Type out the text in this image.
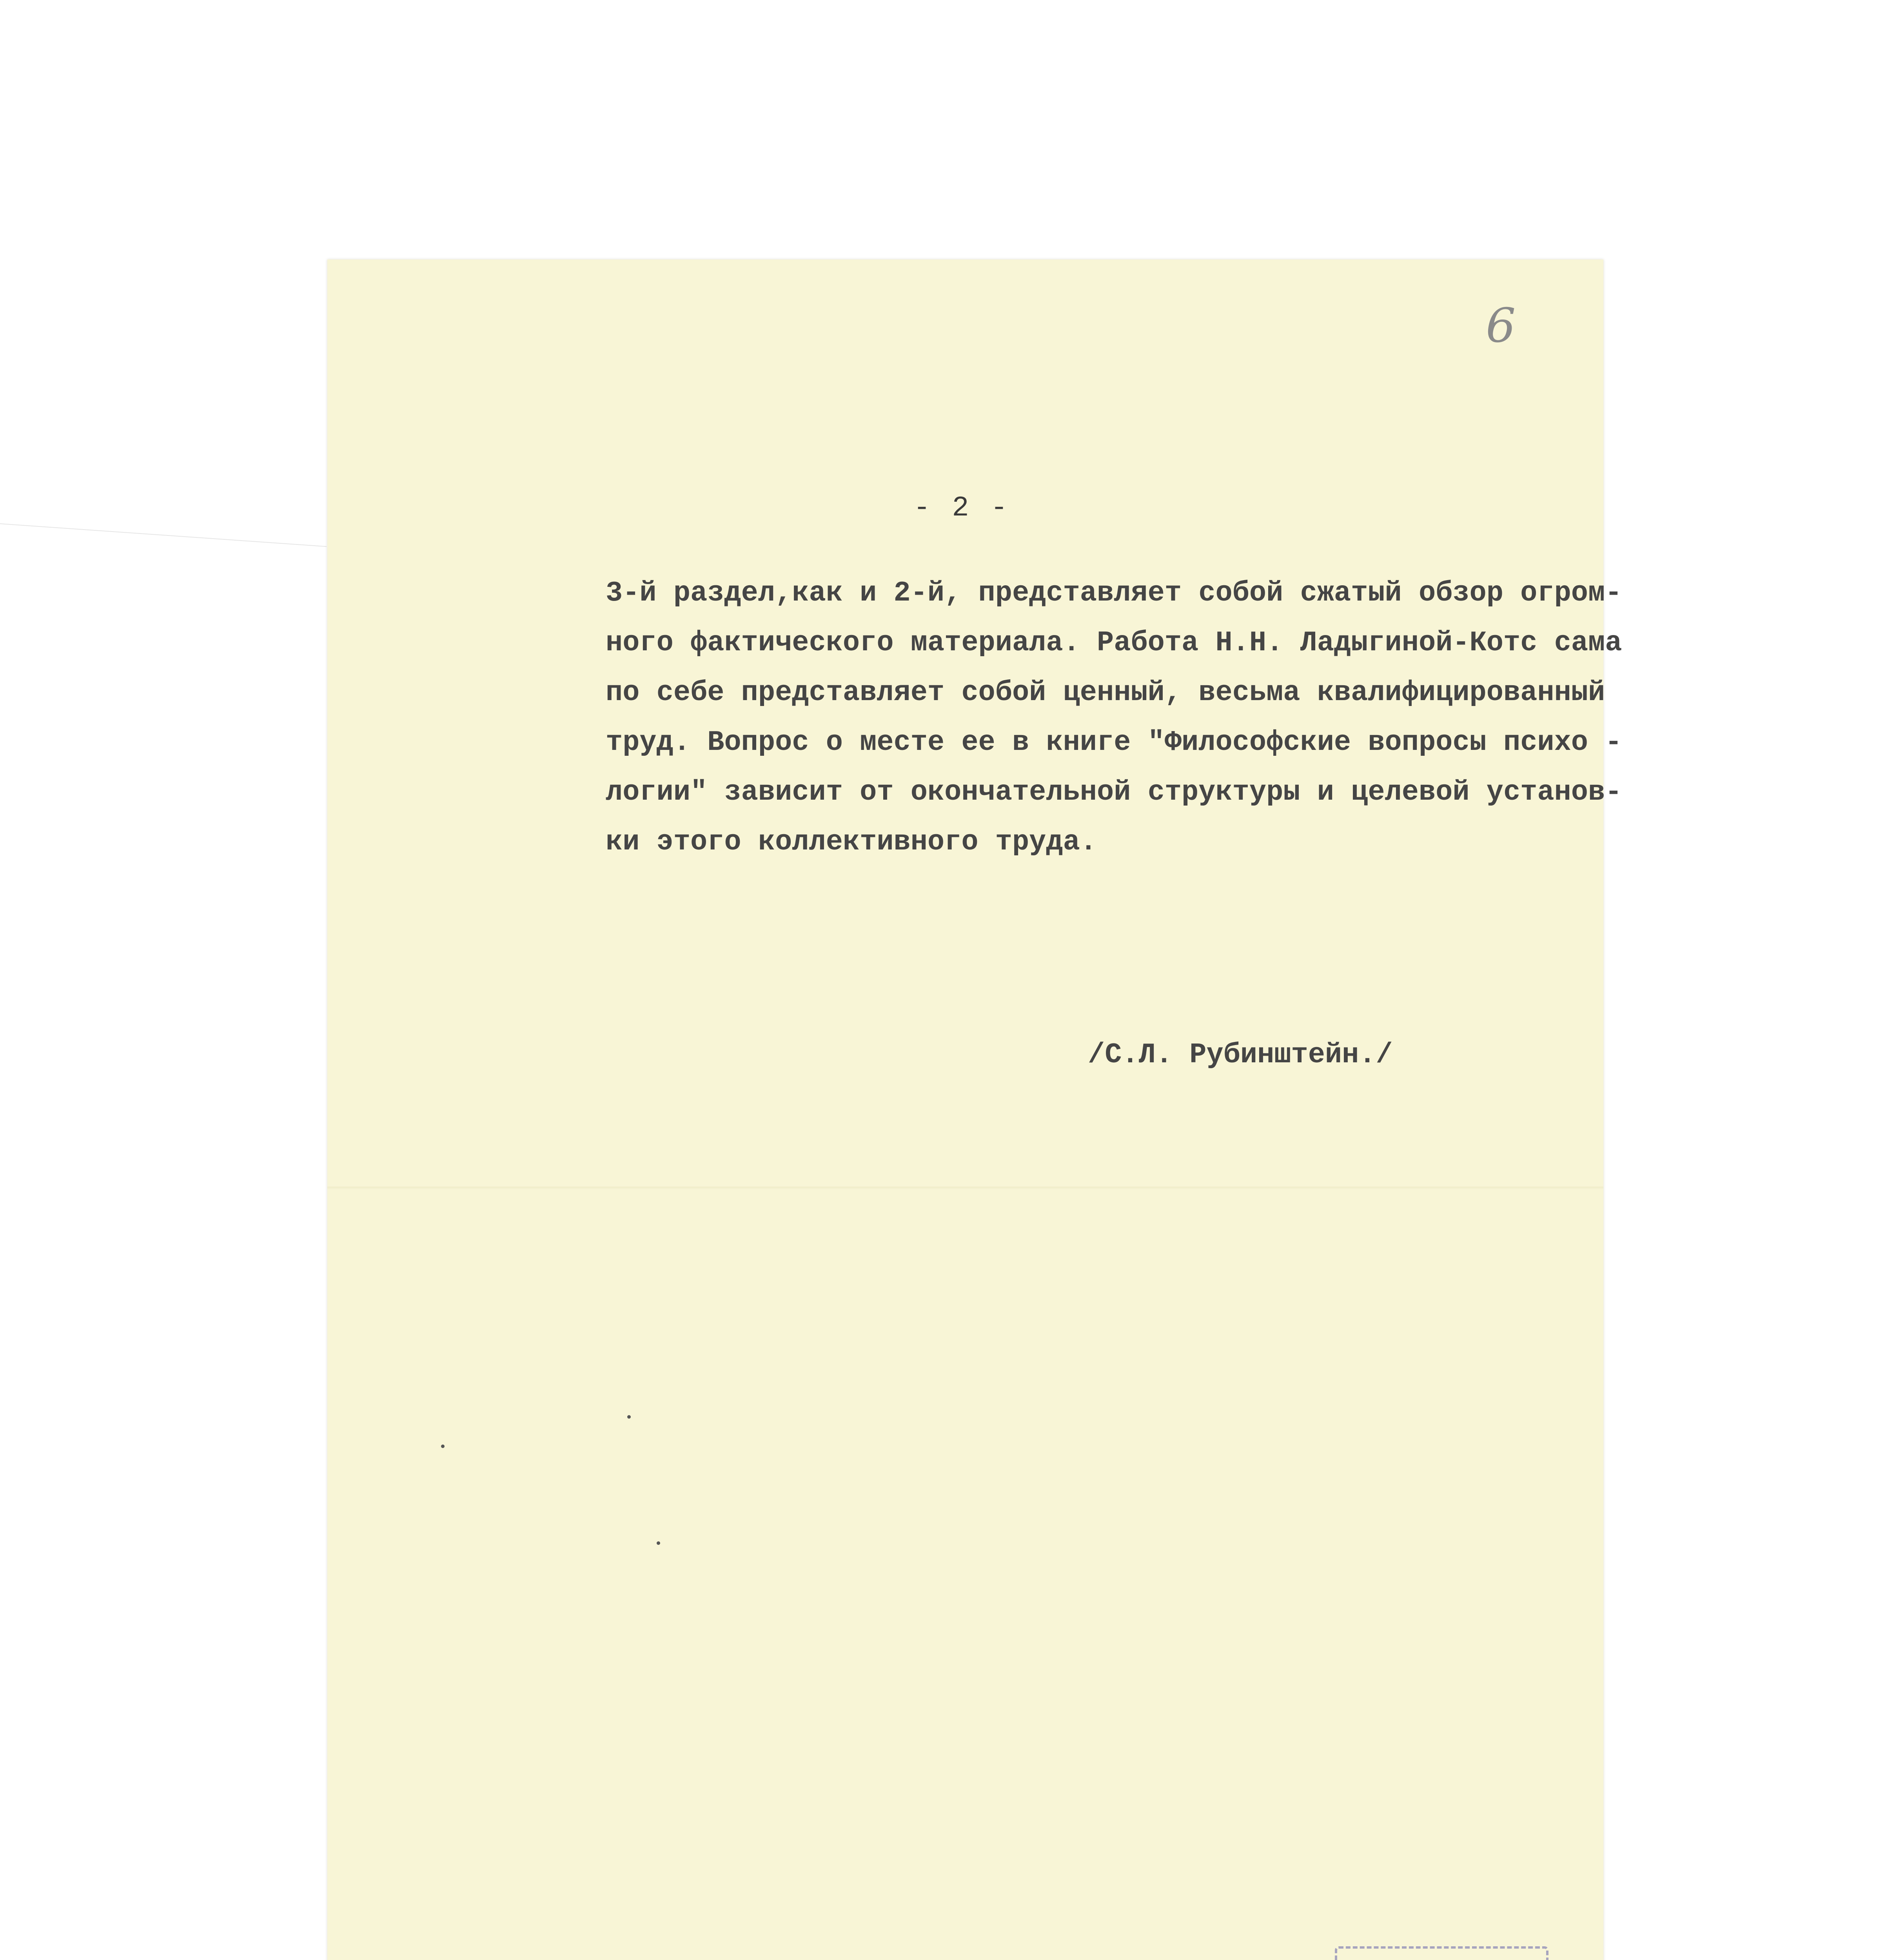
6
- 2 -
3-й раздел,как и 2-й, представляет собой сжатый обзор огром-
ного фактического материала. Работа Н.Н. Ладыгиной-Котс сама
по себе представляет собой ценный, весьма квалифицированный
труд. Вопрос о месте ее в книге "Философские вопросы психо -
логии" зависит от окончательной структуры и целевой установ-
ки этого коллективного труда.
/С.Л. Рубинштейн./
